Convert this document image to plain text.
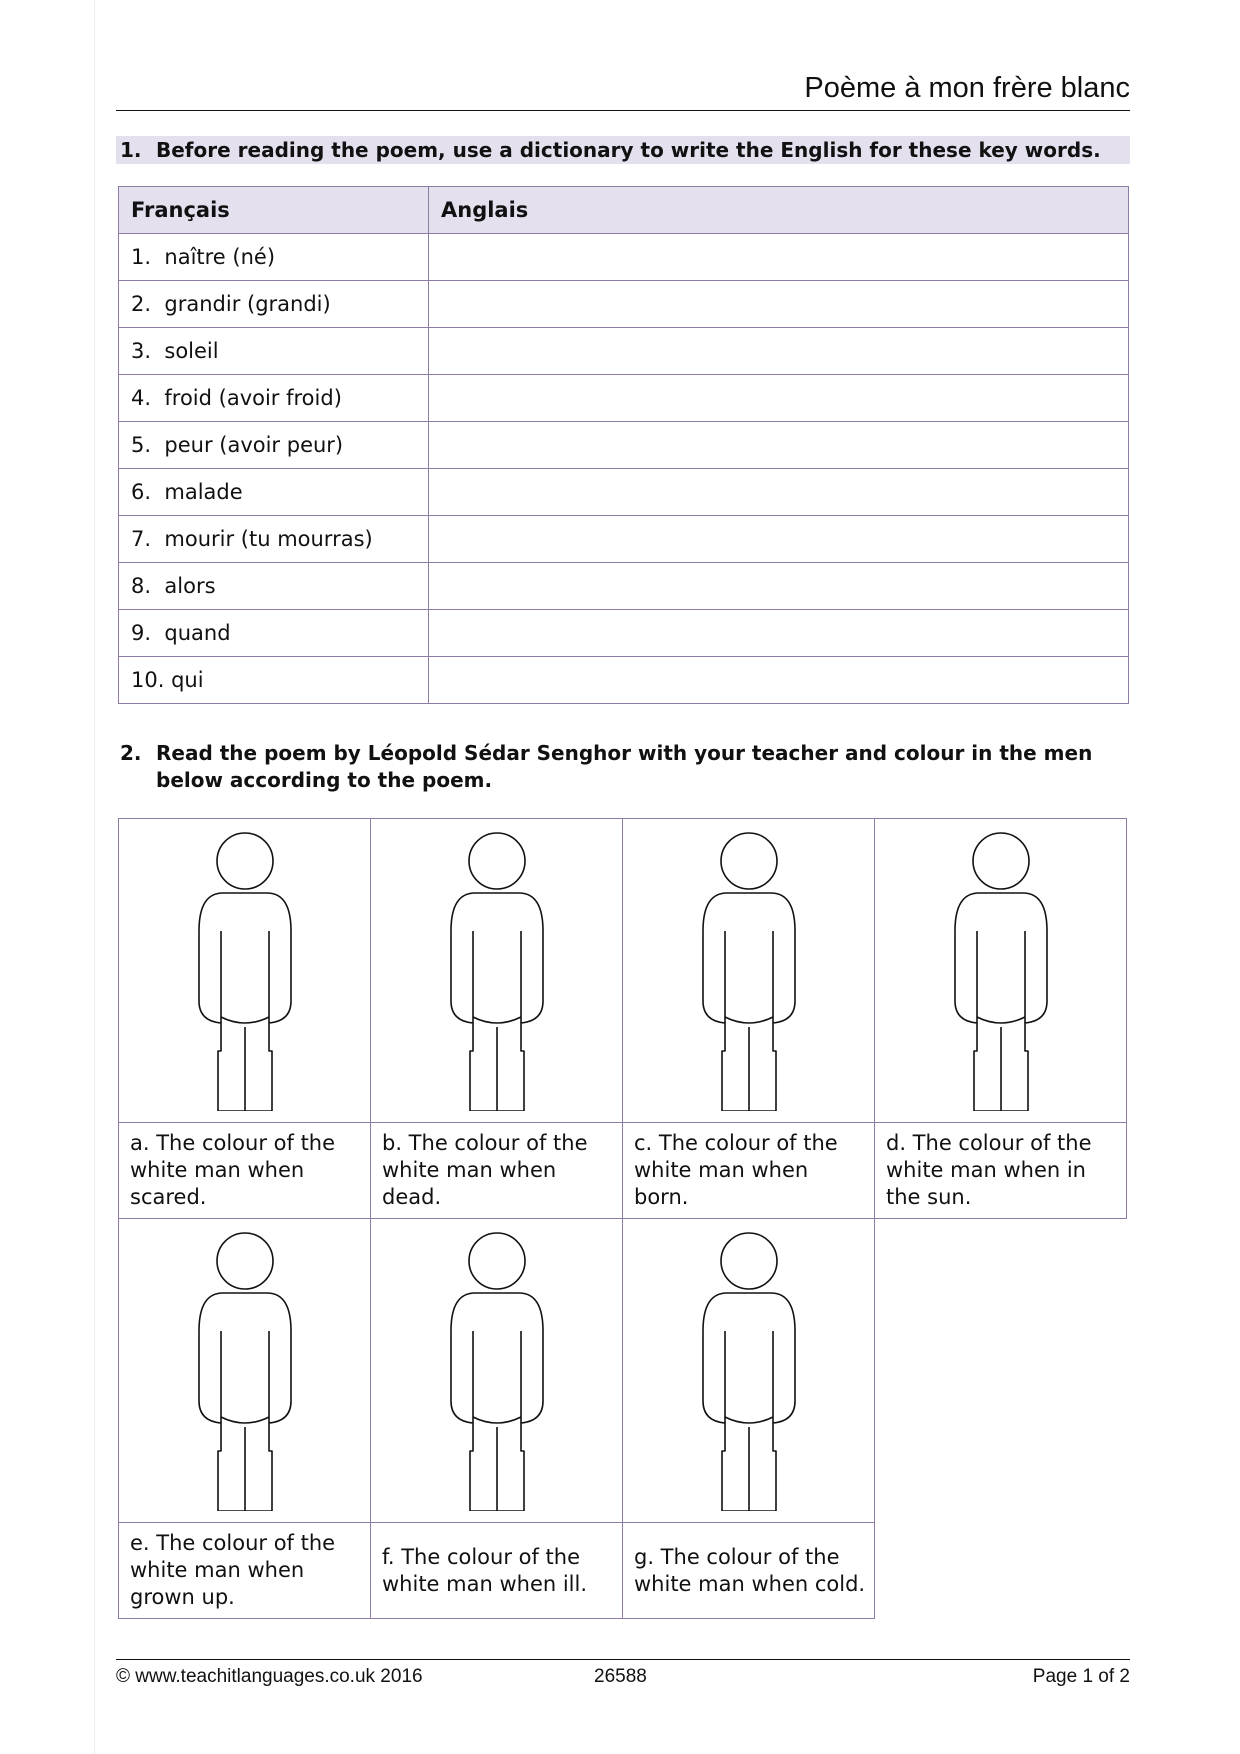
Poème à mon frère blanc
1. Before reading the poem, use a dictionary to write the English for these key words.
Français	Anglais
1.  naître (né)	
2.  grandir (grandi)	
3.  soleil	
4.  froid (avoir froid)	
5.  peur (avoir peur)	
6.  malade	
7.  mourir (tu mourras)	
8.  alors	
9.  quand	
10. qui	
2. Read the poem by Léopold Sédar Senghor with your teacher and colour in the men below according to the poem.

a. The colour of the white man when scared.	b. The colour of the white man when dead.	c. The colour of the white man when born.	d. The colour of the white man when in the sun.

e. The colour of the white man when grown up.	f. The colour of the white man when ill.	g. The colour of the white man when cold.	
© www.teachitlanguages.co.uk 2016	26588	Page 1 of 2
